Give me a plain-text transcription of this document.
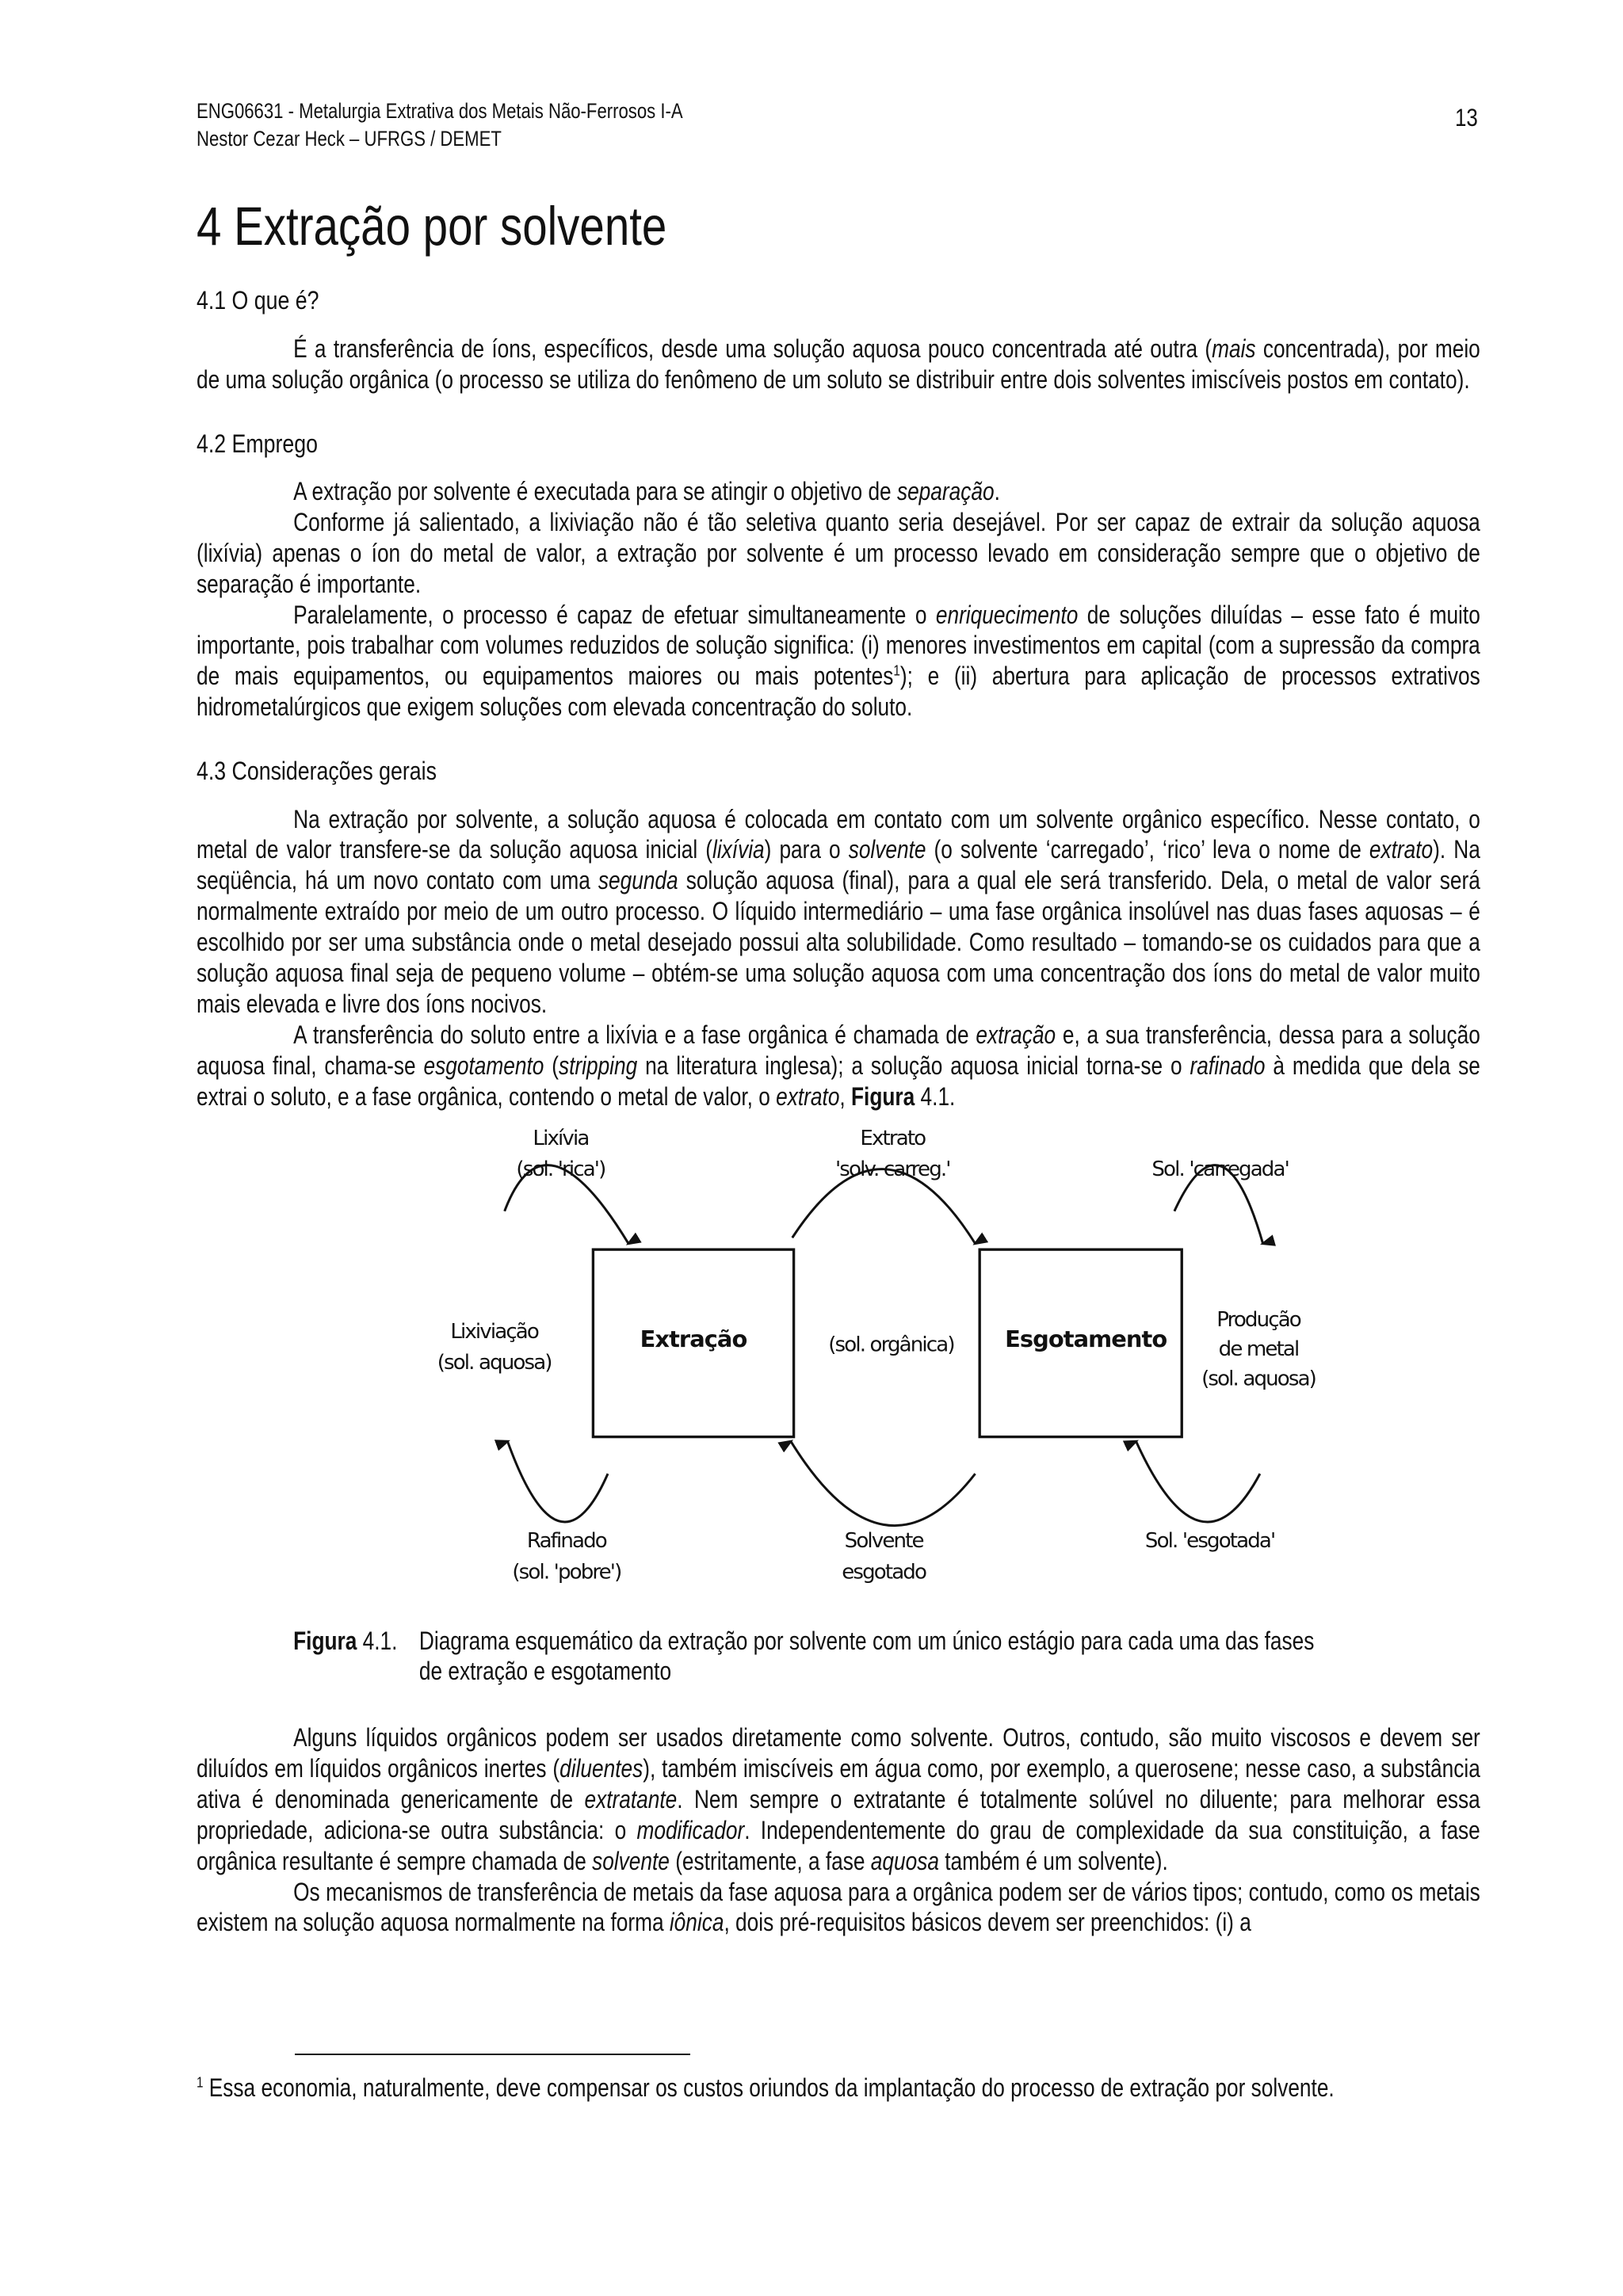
ENG06631 - Metalurgia Extrativa dos Metais Não-Ferrosos I-A
Nestor Cezar Heck – UFRGS / DEMET
13
4 Extração por solvente
4.1 O que é?

É a transferência de íons, específicos, desde uma solução aquosa pouco concentrada até outra (mais concentrada), por meio de uma solução orgânica (o processo se utiliza do fenômeno de um soluto se distribuir entre dois solventes imiscíveis postos em contato).

4.2 Emprego

A extração por solvente é executada para se atingir o objetivo de separação.

Conforme já salientado, a lixiviação não é tão seletiva quanto seria desejável. Por ser capaz de extrair da solução aquosa (lixívia) apenas o íon do metal de valor, a extração por solvente é um processo levado em consideração sempre que o objetivo de separação é importante.

Paralelamente, o processo é capaz de efetuar simultaneamente o enriquecimento de soluções diluídas – esse fato é muito importante, pois trabalhar com volumes reduzidos de solução significa: (i) menores investimentos em capital (com a supressão da compra de mais equipamentos, ou equipamentos maiores ou mais potentes$^1$); e (ii) abertura para aplicação de processos extrativos hidrometalúrgicos que exigem soluções com elevada concentração do soluto.

4.3 Considerações gerais

Na extração por solvente, a solução aquosa é colocada em contato com um solvente orgânico específico. Nesse contato, o metal de valor transfere-se da solução aquosa inicial (lixívia) para o solvente (o solvente ‘carregado’, ‘rico’ leva o nome de extrato). Na seqüência, há um novo contato com uma segunda solução aquosa (final), para a qual ele será transferido. Dela, o metal de valor será normalmente extraído por meio de um outro processo. O líquido intermediário – uma fase orgânica insolúvel nas duas fases aquosas – é escolhido por ser uma substância onde o metal desejado possui alta solubilidade. Como resultado – tomando-se os cuidados para que a solução aquosa final seja de pequeno volume – obtém-se uma solução aquosa com uma concentração dos íons do metal de valor muito mais elevada e livre dos íons nocivos.

A transferência do soluto entre a lixívia e a fase orgânica é chamada de extração e, a sua transferência, dessa para a solução aquosa final, chama-se esgotamento (stripping na literatura inglesa); a solução aquosa inicial torna-se o rafinado à medida que dela se extrai o soluto, e a fase orgânica, contendo o metal de valor, o extrato, Figura 4.1.

Lixívia
(sol. 'rica')
Extrato
'solv. carreg.'	Sol. 'carregada'
Lixiviação
(sol. aquosa)
Extração	(sol. orgânica)	Esgotamento
Produção
de metal
(sol. aquosa)
Rafinado
(sol. 'pobre')
Solvente
esgotado
Sol. 'esgotada'
Figura 4.1.	Diagrama esquemático da extração por solvente com um único estágio para cada uma das fases de extração e esgotamento

Alguns líquidos orgânicos podem ser usados diretamente como solvente. Outros, contudo, são muito viscosos e devem ser diluídos em líquidos orgânicos inertes (diluentes), também imiscíveis em água como, por exemplo, a querosene; nesse caso, a substância ativa é denominada genericamente de extratante. Nem sempre o extratante é totalmente solúvel no diluente; para melhorar essa propriedade, adiciona-se outra substância: o modificador. Independentemente do grau de complexidade da sua constituição, a fase orgânica resultante é sempre chamada de solvente (estritamente, a fase aquosa também é um solvente).

Os mecanismos de transferência de metais da fase aquosa para a orgânica podem ser de vários tipos; contudo, como os metais existem na solução aquosa normalmente na forma iônica, dois pré-requisitos básicos devem ser preenchidos: (i) a

$^1$ Essa economia, naturalmente, deve compensar os custos oriundos da implantação do processo de extração por solvente.
